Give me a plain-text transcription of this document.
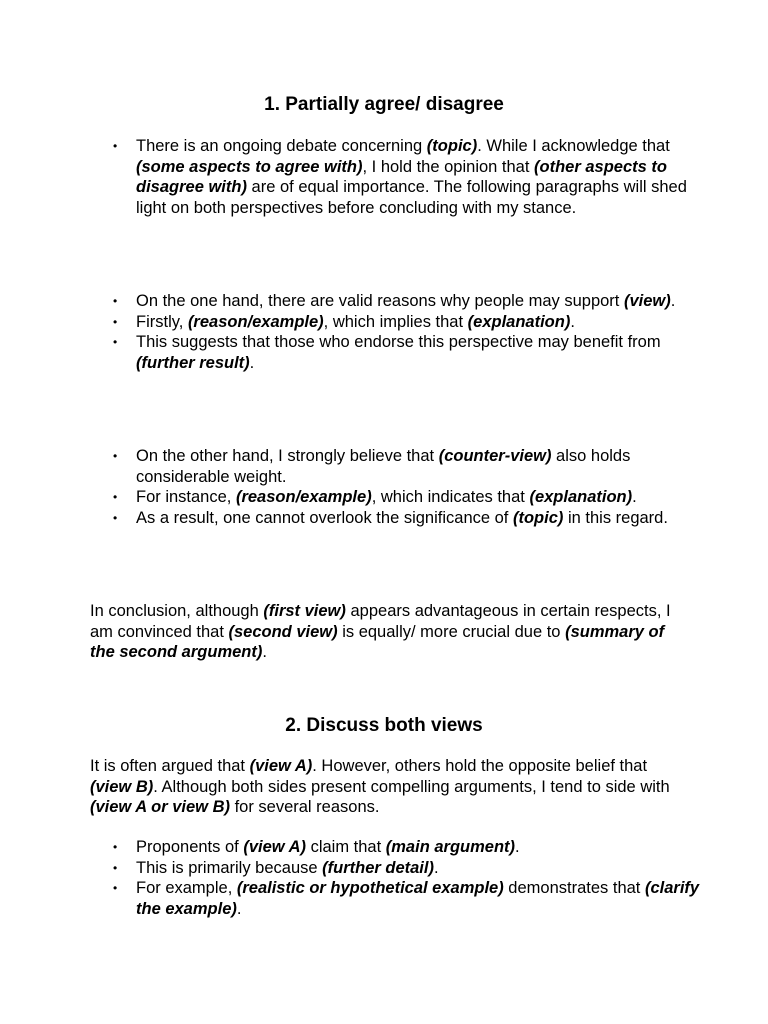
1. Partially agree/ disagree
• There is an ongoing debate concerning (topic). While I acknowledge that (some aspects to agree with), I hold the opinion that (other aspects to disagree with) are of equal importance. The following paragraphs will shed light on both perspectives before concluding with my stance.
• On the one hand, there are valid reasons why people may support (view).
• Firstly, (reason/example), which implies that (explanation).
• This suggests that those who endorse this perspective may benefit from (further result).
• On the other hand, I strongly believe that (counter-view) also holds considerable weight.
• For instance, (reason/example), which indicates that (explanation).
• As a result, one cannot overlook the significance of (topic) in this regard.

In conclusion, although (first view) appears advantageous in certain respects, I am convinced that (second view) is equally/ more crucial due to (summary of the second argument).

2. Discuss both views

It is often argued that (view A). However, others hold the opposite belief that (view B). Although both sides present compelling arguments, I tend to side with (view A or view B) for several reasons.

• Proponents of (view A) claim that (main argument).
• This is primarily because (further detail).
• For example, (realistic or hypothetical example) demonstrates that (clarify the example).
